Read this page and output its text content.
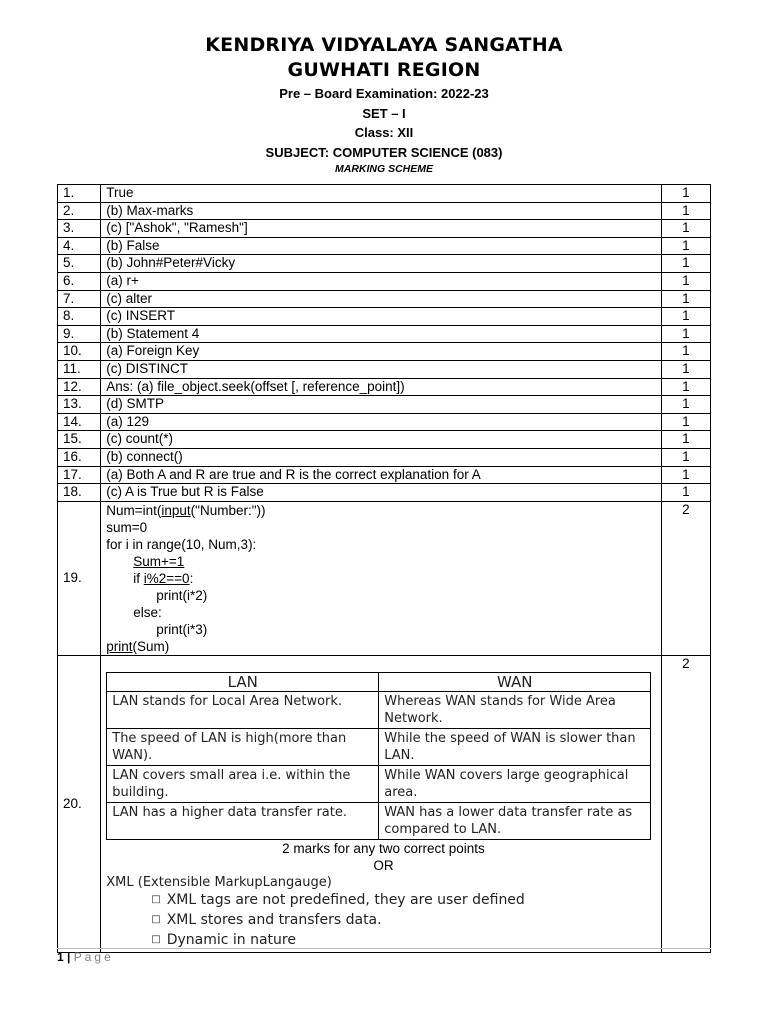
KENDRIYA VIDYALAYA SANGATHA
GUWHATI REGION
Pre – Board Examination: 2022-23
SET – I
Class: XII
SUBJECT: COMPUTER SCIENCE (083)
MARKING SCHEME
1.	True	1
2.	(b) Max-marks	1
3.	(c) ["Ashok", "Ramesh"]	1
4.	(b) False	1
5.	(b) John#Peter#Vicky	1
6.	(a) r+	1
7.	(c) alter	1
8.	(c) INSERT	1
9.	(b) Statement 4	1
10.	(a) Foreign Key	1
11.	(c) DISTINCT	1
12.	Ans: (a) file_object.seek(offset [, reference_point])	1
13.	(d) SMTP	1
14.	(a) 129	1
15.	(c) count(*)	1
16.	(b) connect()	1
17.	(a) Both A and R are true and R is the correct explanation for A	1
18.	(c) A is True but R is False	1
19.	
Num=int(input("Number:"))
sum=0
for i in range(10, Num,3):
Sum+=1
if i%2==0:
print(i*2)
else:
print(i*3)
print(Sum)
	2
20.	
LAN	WAN
LAN stands for Local Area Network.	Whereas WAN stands for Wide Area Network.
The speed of LAN is high(more than WAN).	While the speed of WAN is slower than LAN.
LAN covers small area i.e. within the building.	While WAN covers large geographical area.
LAN has a higher data transfer rate.	WAN has a lower data transfer rate as compared to LAN.
2 marks for any two correct points
OR
XML (Extensible MarkupLangauge)
□ XML tags are not predefined, they are user defined
□ XML stores and transfers data.
□ Dynamic in nature
	2
1 | Page
